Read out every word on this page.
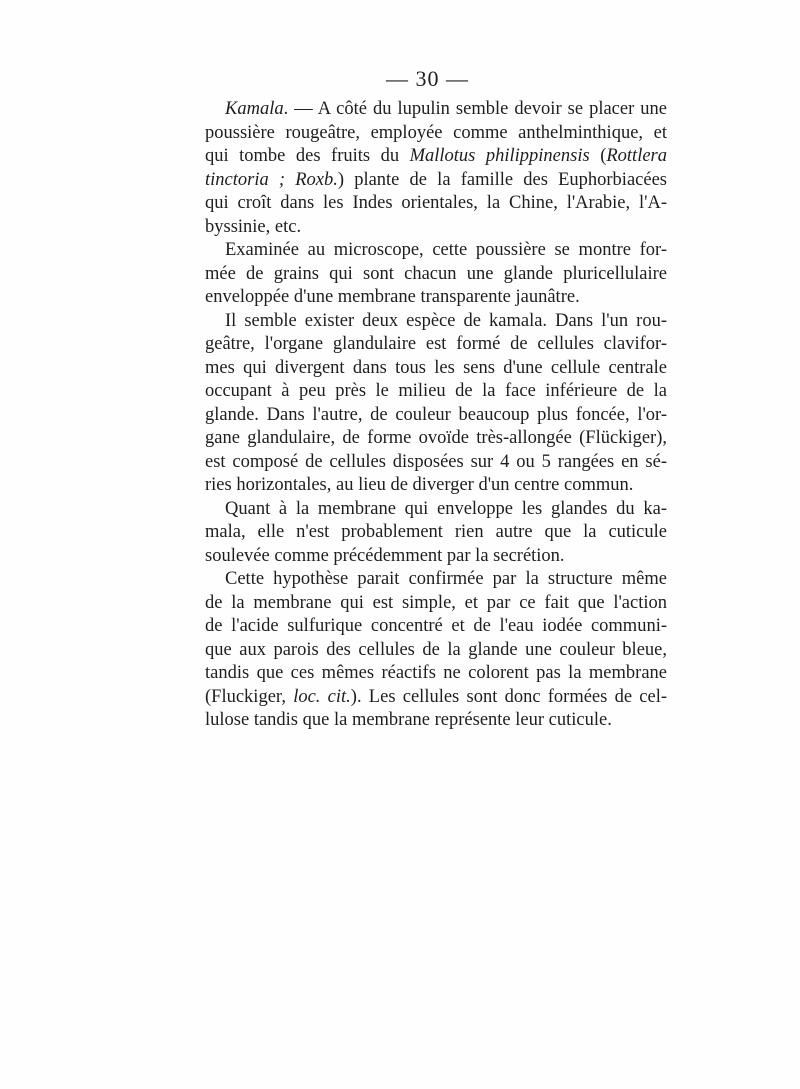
— 30 —
Kamala. — A côté du lupulin semble devoir se placer une
poussière rougeâtre, employée comme anthelminthique, et
qui tombe des fruits du Mallotus philippinensis (Rottlera
tinctoria ; Roxb.) plante de la famille des Euphorbiacées
qui croît dans les Indes orientales, la Chine, l'Arabie, l'A-
byssinie, etc.
Examinée au microscope, cette poussière se montre for-
mée de grains qui sont chacun une glande pluricellulaire
enveloppée d'une membrane transparente jaunâtre.
Il semble exister deux espèce de kamala. Dans l'un rou-
geâtre, l'organe glandulaire est formé de cellules clavifor-
mes qui divergent dans tous les sens d'une cellule centrale
occupant à peu près le milieu de la face inférieure de la
glande. Dans l'autre, de couleur beaucoup plus foncée, l'or-
gane glandulaire, de forme ovoïde très-allongée (Flückiger),
est composé de cellules disposées sur 4 ou 5 rangées en sé-
ries horizontales, au lieu de diverger d'un centre commun.
Quant à la membrane qui enveloppe les glandes du ka-
mala, elle n'est probablement rien autre que la cuticule
soulevée comme précédemment par la secrétion.
Cette hypothèse parait confirmée par la structure même
de la membrane qui est simple, et par ce fait que l'action
de l'acide sulfurique concentré et de l'eau iodée communi-
que aux parois des cellules de la glande une couleur bleue,
tandis que ces mêmes réactifs ne colorent pas la membrane
(Fluckiger, loc. cit.). Les cellules sont donc formées de cel-
lulose tandis que la membrane représente leur cuticule.
